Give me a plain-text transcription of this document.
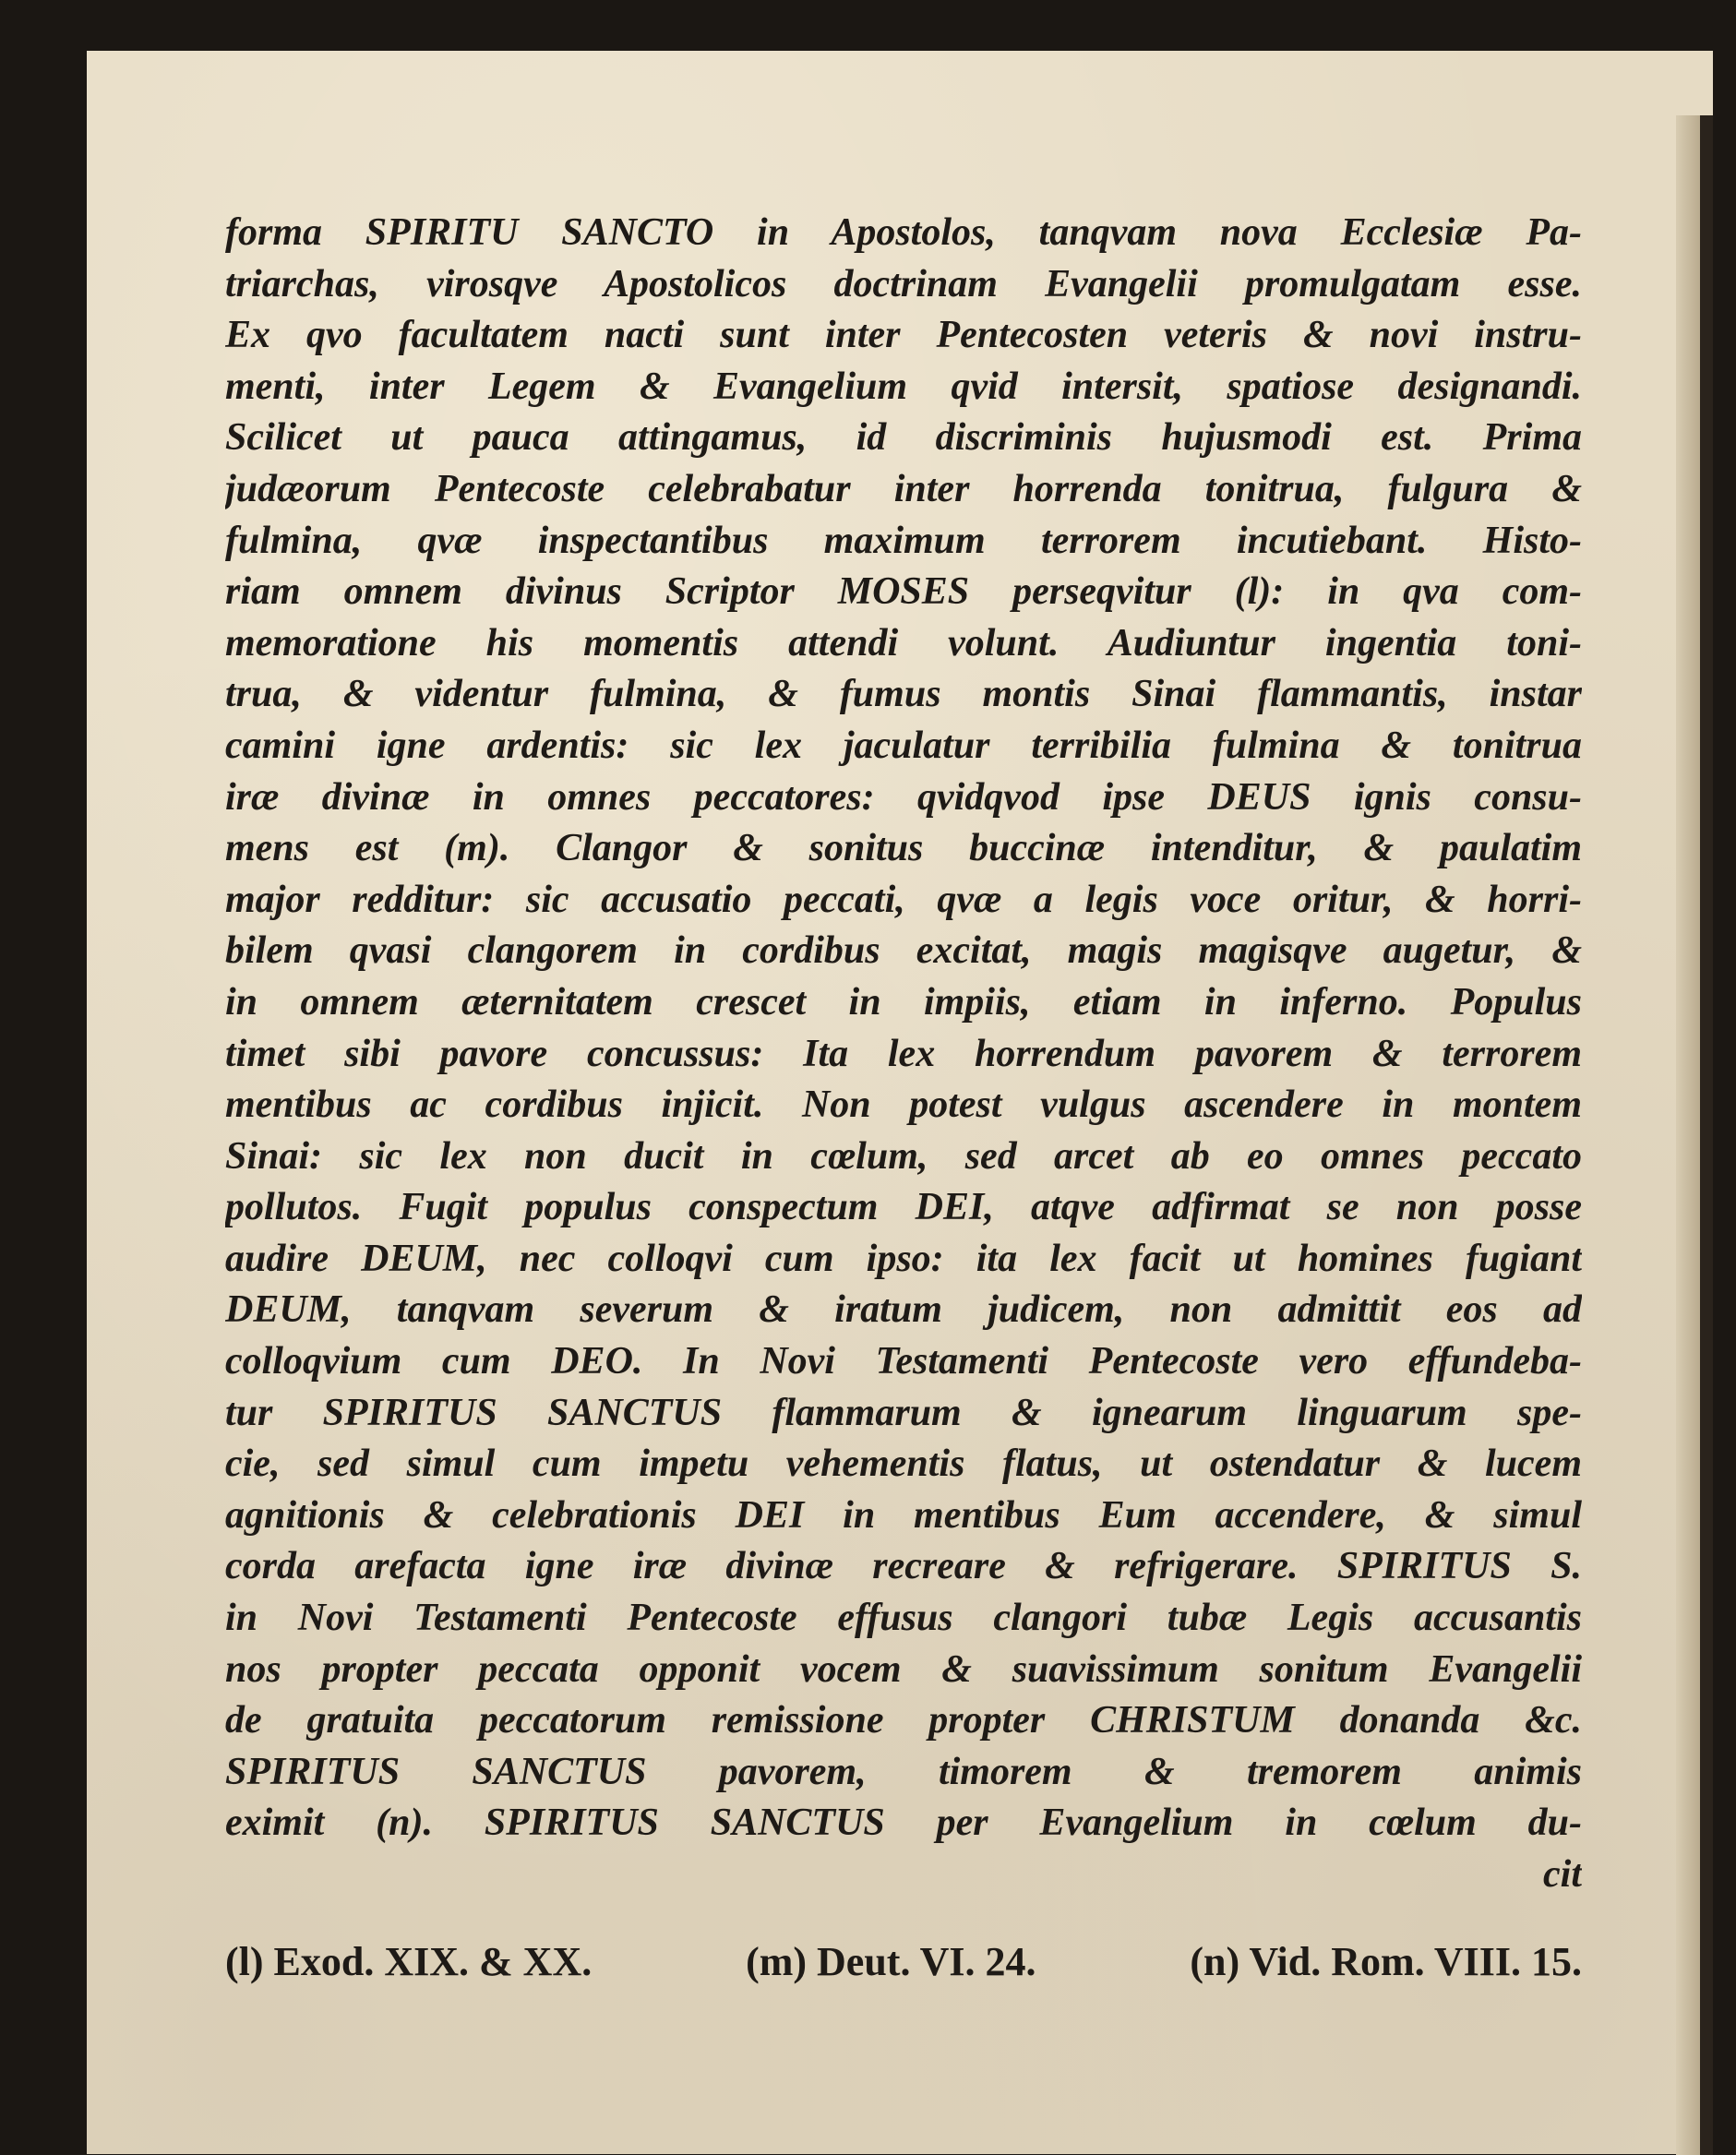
forma SPIRITU SANCTO in Apostolos, tanqvam nova Ecclesiæ Pa-
triarchas, virosqve Apostolicos doctrinam Evangelii promulgatam esse.
Ex qvo facultatem nacti sunt inter Pentecosten veteris & novi instru-
menti, inter Legem & Evangelium qvid intersit, spatiose designandi.
Scilicet ut pauca attingamus, id discriminis hujusmodi est. Prima
judæorum Pentecoste celebrabatur inter horrenda tonitrua, fulgura &
fulmina, qvæ inspectantibus maximum terrorem incutiebant. Histo-
riam omnem divinus Scriptor MOSES perseqvitur (l): in qva com-
memoratione his momentis attendi volunt. Audiuntur ingentia toni-
trua, & videntur fulmina, & fumus montis Sinai flammantis, instar
camini igne ardentis: sic lex jaculatur terribilia fulmina & tonitrua
iræ divinæ in omnes peccatores: qvidqvod ipse DEUS ignis consu-
mens est (m). Clangor & sonitus buccinæ intenditur, & paulatim
major redditur: sic accusatio peccati, qvæ a legis voce oritur, & horri-
bilem qvasi clangorem in cordibus excitat, magis magisqve augetur, &
in omnem æternitatem crescet in impiis, etiam in inferno. Populus
timet sibi pavore concussus: Ita lex horrendum pavorem & terrorem
mentibus ac cordibus injicit. Non potest vulgus ascendere in montem
Sinai: sic lex non ducit in cœlum, sed arcet ab eo omnes peccato
pollutos. Fugit populus conspectum DEI, atqve adfirmat se non posse
audire DEUM, nec colloqvi cum ipso: ita lex facit ut homines fugiant
DEUM, tanqvam severum & iratum judicem, non admittit eos ad
colloqvium cum DEO. In Novi Testamenti Pentecoste vero effundeba-
tur SPIRITUS SANCTUS flammarum & ignearum linguarum spe-
cie, sed simul cum impetu vehementis flatus, ut ostendatur & lucem
agnitionis & celebrationis DEI in mentibus Eum accendere, & simul
corda arefacta igne iræ divinæ recreare & refrigerare. SPIRITUS S.
in Novi Testamenti Pentecoste effusus clangori tubæ Legis accusantis
nos propter peccata opponit vocem & suavissimum sonitum Evangelii
de gratuita peccatorum remissione propter CHRISTUM donanda &c.
SPIRITUS SANCTUS pavorem, timorem & tremorem animis
eximit (n). SPIRITUS SANCTUS per Evangelium in cœlum du-
cit
(l) Exod. XIX. & XX.	(m) Deut. VI. 24.	(n) Vid. Rom. VIII. 15.
